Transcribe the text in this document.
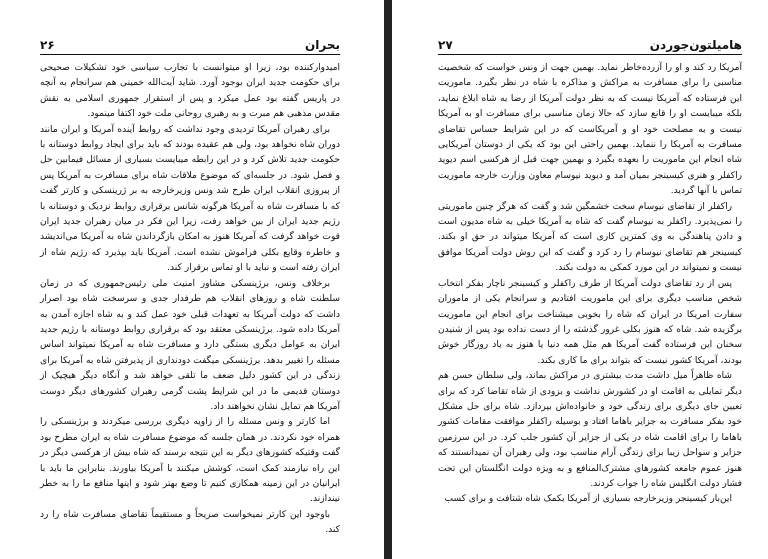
بحران
۲۶

امیدوارکننده بود، زیرا او میتوانست با تجارب سیاسی خود تشکیلات صحیحی برای حکومت جدید ایران بوجود آورد. شاید آیت‌الله خمینی هم سرانجام به آنچه در پاریس گفته بود عمل میکرد و پس از استقرار جمهوری اسلامی به نقش مقدس مذهبی‌ هم مبرت و به رهبری روحانی ملت خود اکتفا مینمود.

برای رهبران آمریکا تردیدی وجود نداشت که روابط آینده آمریکا و ایران مانند دوران شاه نخواهد بود، ولی هم عقیده بودند که باید برای ایجاد روابط دوستانه با حکومت جدید تلاش کرد و در این رابطه میبایست بسیاری از مسائل فیمابین حل و فصل شود. در جلسه‌ای که موضوع ملاقات شاه برای مسافرت به آمریکا پس از پیروزی انقلاب ایران طرح شد ونس وزیرخارجه به بر ژرینسکی و کارتر گفت که با مسافرت شاه به آمریکا هرگونه شانس برقراری روابط نزدیک و دوستانه با رژیم جدید ایران از بین خواهد رفت، زیرا این فکر در میان رهبران جدید ایران قوت خواهد گرفت که آمریکا هنوز به امکان بازگرداندن شاه به آمریکا می‌اندیشد و خاطره وقایع بکلی فراموش نشده است. آمریکا باید بپذیرد که رژیم شاه از ایران رفته است و نباید با او تماس برقرار کند.

برخلاف ونس، برژینسکی مشاور امنیت ملی رئیس‌جمهوری که در زمان سلطنت شاه و روزهای انقلاب هم طرفدار جدی و سرسخت شاه بود اصرار داشت که دولت آمریکا به تعهدات قبلی خود عمل کند و به شاه اجازه آمدن به آمریکا داده شود. برژینسکی معتقد بود که برقراری روابط دوستانه با رژیم جدید ایران به عوامل دیگری بستگی دارد و مسافرت شاه به آمریکا نمیتواند اساس مسئله را تغییر بدهد. برژینسکی میگفت دودنداری از پذیرفتن شاه به آمریکا برای زندگی در این کشور دلیل ضعف ما تلقی خواهد شد و آنگاه دیگر هیچیک از دوستان قدیمی ما در این شرایط پشت گرمی رهبران کشورهای دیگر دوست آمریکا هم تمایل نشان نخواهند داد.

اما کارتر و ونس مسئله را از زاویه دیگری بررسی میکردند و برژینسکی را همراه خود نکردند. در همان جلسه که موضوع مسافرت شاه به ایران مطرح بود گفت وقتیکه کشورهای دیگر به این نتیجه برسند که شاه بیش از هرکسی دیگر در این راه نیازمند کمک است، کوشش میکنند با آمریکا بیاورند. بنابراین ما باید با ایرانیان در این زمینه همکاری کنیم تا وضع بهتر شود و اینها منافع ما را به خطر نیندازند.

باوجود این کارتر نمیخواست صریحاً و مستقیماً تقاضای مسافرت شاه را رد کند.

هامیلتون‌جوردن
۲۷

آمریکا رد کند و او را آزرده‌خاطر نماید. بهمین جهت از ونس خواست که شخصیت مناسبی را برای مسافرت به مراکش و مذاکره با شاه در نظر بگیرد. ماموریت این فرستاده که آمریکا نیست که به نظر دولت آمریکا از رضا به شاه ابلاغ نماید، بلکه میبایست او را قانع سازد که حالا زمان مناسبی برای مسافرت او به آمریکا نیست و به مصلحت خود او و آمریکاست که در این شرایط حساس تقاضای مسافرت به آمریکا را ننماید. بهمین راحتی این بود که یکی از دوستان آمریکایی شاه انجام این ماموریت را بعهده بگیرد و بهمین جهت قبل از هرکسی اسم دیوید راکفلر و هنری کیسینجر بمیان آمد و دیوید نیوسام معاون وزارت خارجه ماموریت تماس با آنها گردید.

راکفلر از تقاضای نیوسام سخت خشمگین شد و گفت که هرگز چنین ماموریتی را نمی‌پذیرد. راکفلر به نیوسام گفت که شاه به آمریکا خیلی به شاه مدیون است و دادن پناهندگی به وی کمترین کاری است که آمریکا میتواند در حق او بکند. کیسینجر هم تقاضای نیوسام را رد کرد و گفت که این روش دولت آمریکا موافق نیست و نمیتواند در این مورد کمکی به دولت بکند.

پس از رد تقاضای دولت آمریکا از طرف راکفلر و کیسینجر ناچار بفکر انتخاب شخص مناسب دیگری برای این ماموریت افتادیم و سرانجام یکی از ماموران سفارت امریکا در ایران که شاه را بخوبی میشناخت برای انجام این ماموریت برگزیده شد. شاه که هنوز بکلی غرور گذشته را از دست نداده بود پس از شنیدن سخنان این فرستاده گفت آمریکا هم مثل همه دنیا یا هنوز به یاد روزگار خوش بودند، آمریکا کشور نیست که بتواند برای ما کاری بکند.

شاه ظاهراً میل داشت مدت بیشتری در مراکش بماند، ولی سلطان حسن هم دیگر تمایلی به اقامت او در کشورش نداشت و بزودی از شاه تقاضا کرد که برای تعیین جای دیگری برای زندگی خود و خانواده‌اش بپردازد. شاه برای حل مشکل خود بفکر مسافرت به جزایر باهاما افتاد و بوسیله راکفلر موافقت مقامات کشور باهاما را برای اقامت شاه در یکی از جزایر آن کشور جلب کرد. در این سرزمین جزایر و سواحل زیبا برای زندگی آرام مناسب بود، ولی رهبران آن نمیدانستند که هنوز عموم جامعه کشورهای مشترک‌المنافع و به ویژه دولت انگلستان این تحت فشار دولت انگلیس شاه را جواب کردند.

این‌بار کیسینجر وزیرخارجه بسیاری از آمریکا بکمک شاه شتافت و برای کسب
